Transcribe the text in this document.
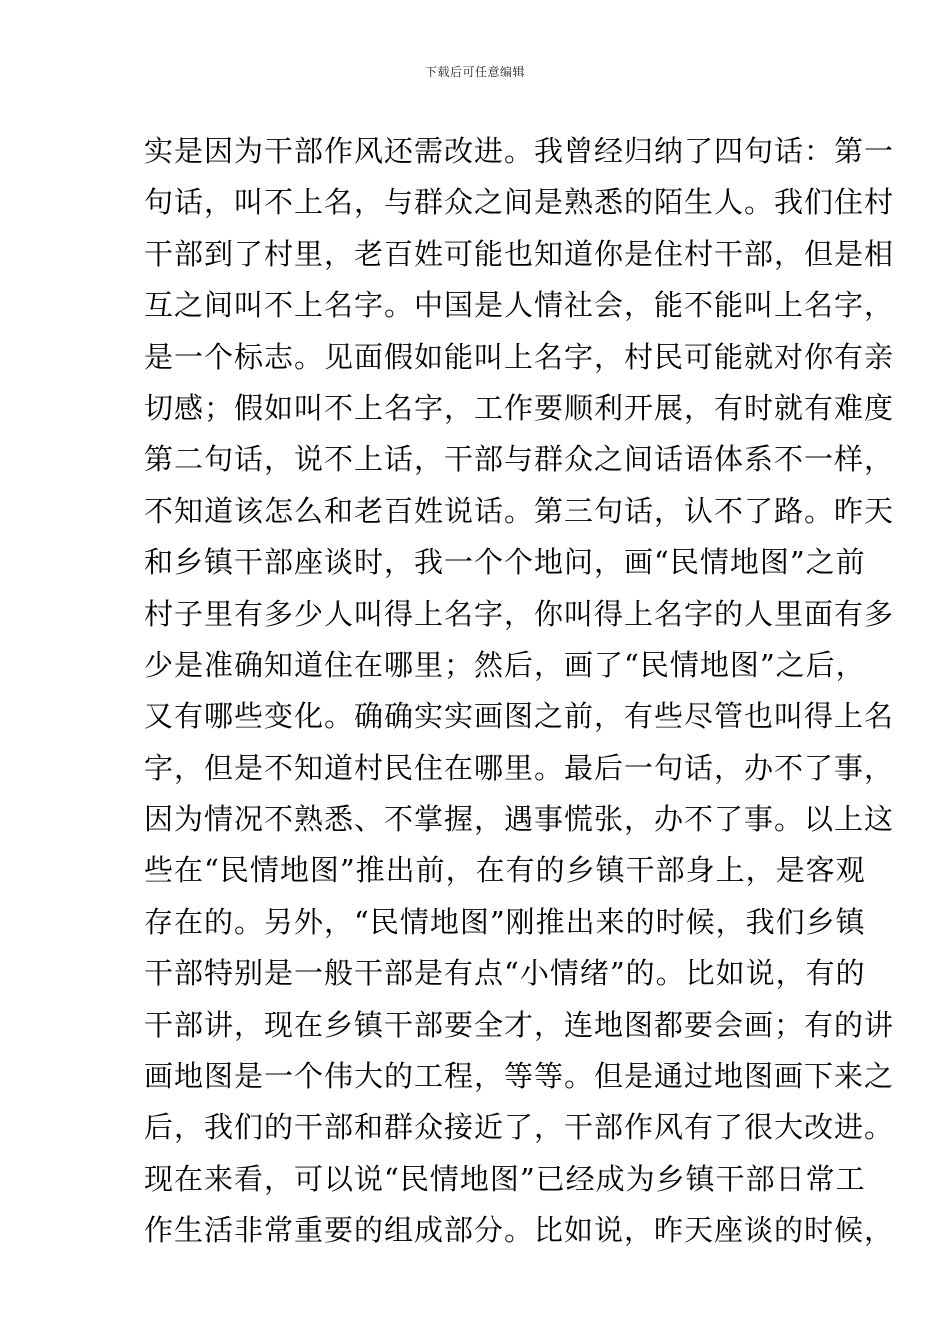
下载后可任意编辑
实是因为干部作风还需改进。我曾经归纳了四句话：第一
句话，叫不上名，与群众之间是熟悉的陌生人。我们住村
干部到了村里，老百姓可能也知道你是住村干部，但是相
互之间叫不上名字。中国是人情社会，能不能叫上名字，
是一个标志。见面假如能叫上名字，村民可能就对你有亲
切感；假如叫不上名字，工作要顺利开展，有时就有难度
第二句话，说不上话，干部与群众之间话语体系不一样，
不知道该怎么和老百姓说话。第三句话，认不了路。昨天
和乡镇干部座谈时，我一个个地问，画“民情地图”之前
村子里有多少人叫得上名字，你叫得上名字的人里面有多
少是准确知道住在哪里；然后，画了“民情地图”之后，
又有哪些变化。确确实实画图之前，有些尽管也叫得上名
字，但是不知道村民住在哪里。最后一句话，办不了事，
因为情况不熟悉、不掌握，遇事慌张，办不了事。以上这
些在“民情地图”推出前，在有的乡镇干部身上，是客观
存在的。另外，“民情地图”刚推出来的时候，我们乡镇
干部特别是一般干部是有点“小情绪”的。比如说，有的
干部讲，现在乡镇干部要全才，连地图都要会画；有的讲
画地图是一个伟大的工程，等等。但是通过地图画下来之
后，我们的干部和群众接近了，干部作风有了很大改进。
现在来看，可以说“民情地图”已经成为乡镇干部日常工
作生活非常重要的组成部分。比如说，昨天座谈的时候，
